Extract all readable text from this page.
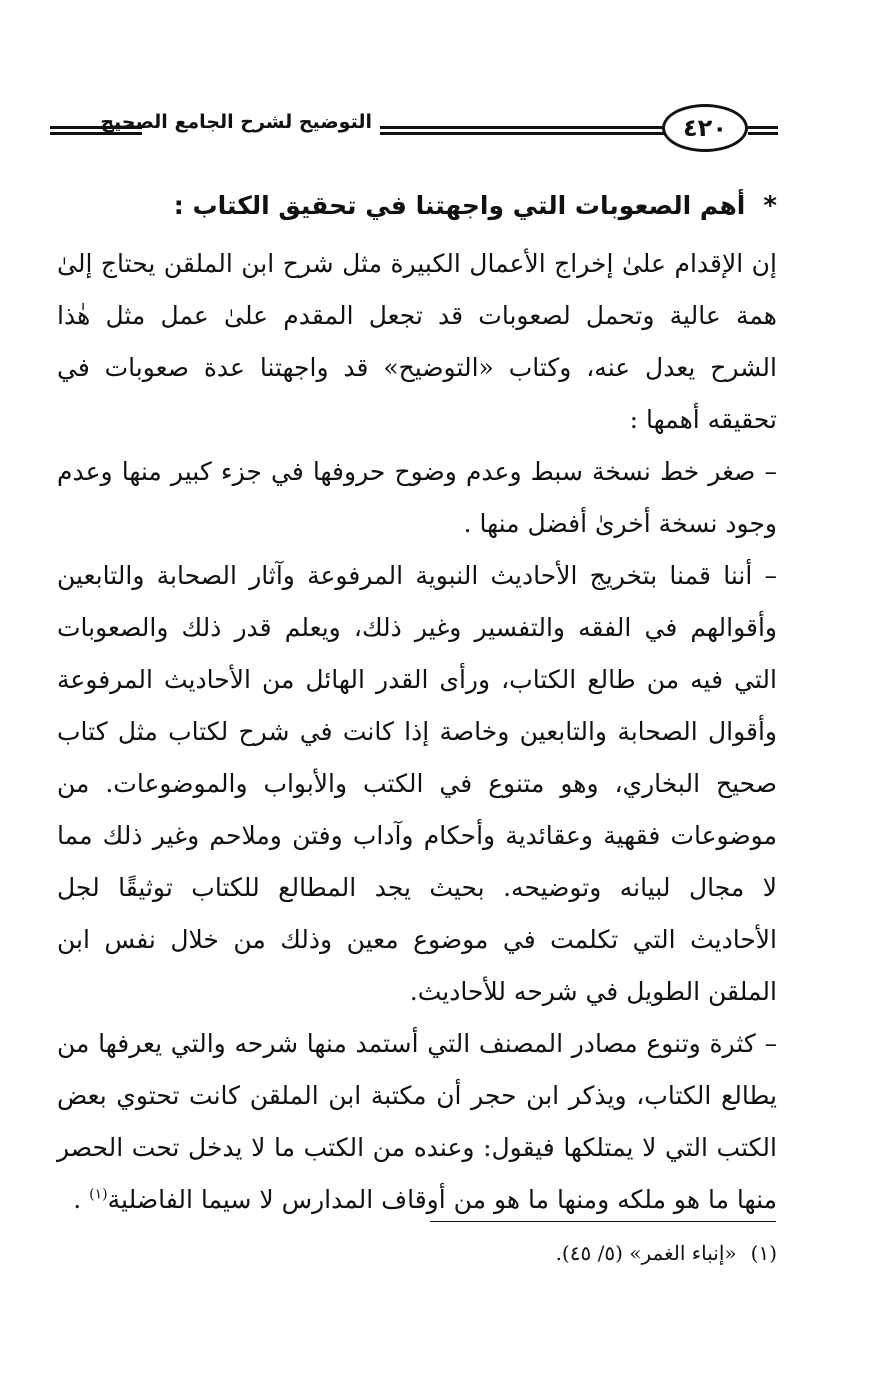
التوضيح لشرح الجامع الصحيح	٤٢٠
*أهم الصعوبات التي واجهتنا في تحقيق الكتاب :

إن الإقدام علىٰ إخراج الأعمال الكبيرة مثل شرح ابن الملقن يحتاج إلىٰ همة عالية وتحمل لصعوبات قد تجعل المقدم علىٰ عمل مثل هٰذا الشرح يعدل عنه، وكتاب «التوضيح» قد واجهتنا عدة صعوبات في تحقيقه أهمها :

– صغر خط نسخة سبط وعدم وضوح حروفها في جزء كبير منها وعدم وجود نسخة أخرىٰ أفضل منها .

– أننا قمنا بتخريج الأحاديث النبوية المرفوعة وآثار الصحابة والتابعين وأقوالهم في الفقه والتفسير وغير ذلك، ويعلم قدر ذلك والصعوبات التي فيه من طالع الكتاب، ورأى القدر الهائل من الأحاديث المرفوعة وأقوال الصحابة والتابعين وخاصة إذا كانت في شرح لكتاب مثل كتاب صحيح البخاري، وهو متنوع في الكتب والأبواب والموضوعات. من موضوعات فقهية وعقائدية وأحكام وآداب وفتن وملاحم وغير ذلك مما لا مجال لبيانه وتوضيحه. بحيث يجد المطالع للكتاب توثيقًا لجل الأحاديث التي تكلمت في موضوع معين وذلك من خلال نفس ابن الملقن الطويل في شرحه للأحاديث.

– كثرة وتنوع مصادر المصنف التي أستمد منها شرحه والتي يعرفها من يطالع الكتاب، ويذكر ابن حجر أن مكتبة ابن الملقن كانت تحتوي بعض الكتب التي لا يمتلكها فيقول: وعنده من الكتب ما لا يدخل تحت الحصر منها ما هو ملكه ومنها ما هو من أوقاف المدارس لا سيما الفاضلية$^{(١)}$ .

(١)«إنباء الغمر» (٥/ ٤٥).
